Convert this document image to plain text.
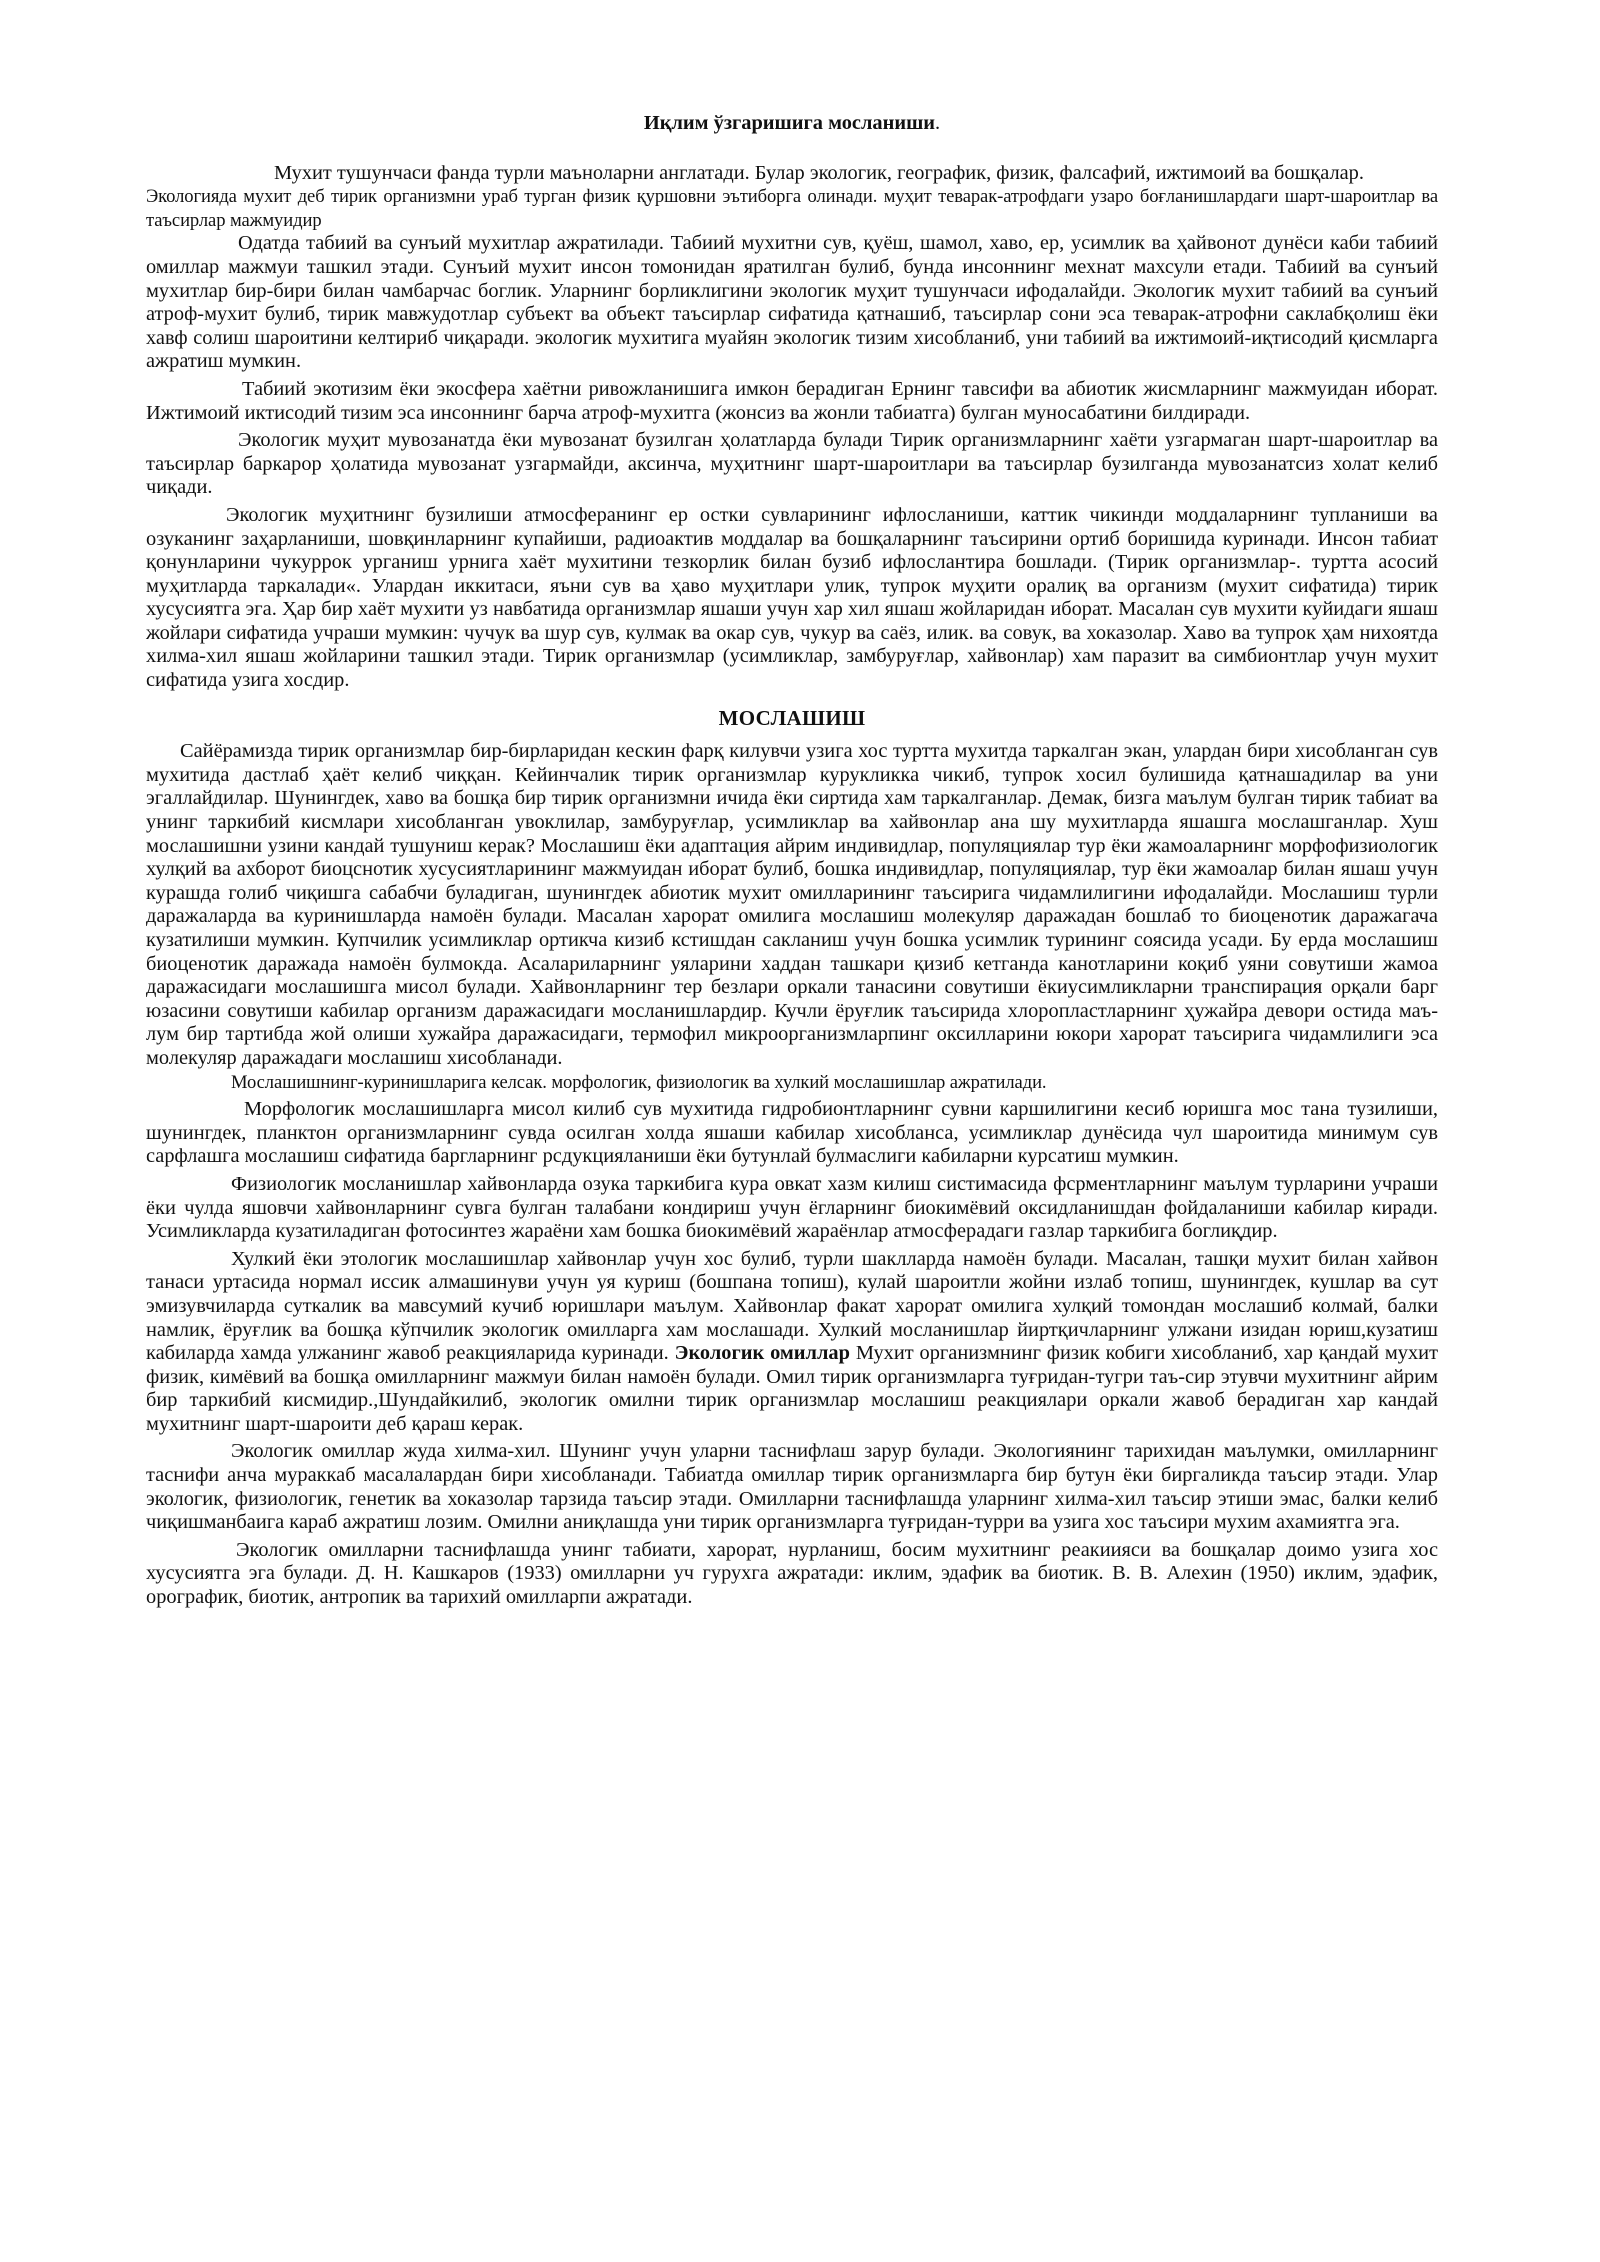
Иқлим ўзгаришига мосланиши.

Мухит тушунчаси фанда турли маъноларни англатади. Булар экологик, географик, физик, фалсафий, ижтимоий ва бошқалар.

Экологияда мухит деб тирик организмни ураб турган физик қуршовни эътиборга олинади. муҳит теварак-атрофдаги узаро боғланишлардаги шарт-шароитлар ва таъсирлар мажмуидир

Одатда табиий ва сунъий мухитлар ажратилади. Табиий мухитни сув, қуёш, шамол, хаво, ер, усимлик ва ҳайвонот дунёси каби табиий омиллар мажмуи ташкил этади. Сунъий мухит инсон томонидан яратилган булиб, бунда инсоннинг мехнат махсули етади. Табиий ва сунъий мухитлар бир-бири билан чамбарчас боглик. Уларнинг борликлигини экологик муҳит тушунчаси ифодалайди. Экологик мухит табиий ва сунъий атроф-мухит булиб, тирик мавжудотлар субъект ва объект таъсирлар сифатида қатнашиб, таъсирлар сони эса теварак-атрофни саклабқолиш ёки хавф солиш шароитини келтириб чиқаради. экологик мухитига муайян экологик тизим хисобланиб, уни табиий ва ижтимоий-иқтисодий қисмларга ажратиш мумкин.

Табиий экотизим ёки экосфера хаётни ривожланишига имкон берадиган Ернинг тавсифи ва абиотик жисмларнинг мажмуидан иборат. Ижтимоий иктисодий тизим эса инсоннинг барча атроф-мухитга (жонсиз ва жонли табиатга) булган муносабатини билдиради.

Экологик муҳит мувозанатда ёки мувозанат бузилган ҳолатларда булади Тирик организмларнинг хаёти узгармаган шарт-шароитлар ва таъсирлар баркарор ҳолатида мувозанат узгармайди, аксинча, муҳитнинг шарт-шароитлари ва таъсирлар бузилганда мувозанатсиз холат келиб чиқади.

Экологик муҳитнинг бузилиши атмосферанинг ер остки сувларининг ифлосланиши, каттик чикинди моддаларнинг тупланиши ва озуканинг заҳарланиши, шовқинларнинг купайиши, радиоактив моддалар ва бошқаларнинг таъсирини ортиб боришида куринади. Инсон табиат қонунларини чукуррок урганиш урнига хаёт мухитини тезкорлик билан бузиб ифлослантира бошлади. (Тирик организмлар-. туртта асосий муҳитларда таркалади«. Улардан иккитаси, яъни сув ва ҳаво муҳитлари улик, тупрок муҳити оралиқ ва организм (мухит сифатида) тирик хусусиятга эга. Ҳар бир хаёт мухити уз навбатида организмлар яшаши учун хар хил яшаш жойларидан иборат. Масалан сув мухити куйидаги яшаш жойлари сифатида учраши мумкин: чучук ва шур сув, кулмак ва окар сув, чукур ва саёз, илик. ва совук, ва хоказолар. Хаво ва тупрок ҳам нихоятда хилма-хил яшаш жойларини ташкил этади. Тирик организмлар (усимликлар, замбуруғлар, хайвонлар) хам паразит ва симбионтлар учун мухит сифатида узига хосдир.

МОСЛАШИШ

Сайёрамизда тирик организмлар бир-бирларидан кескин фарқ килувчи узига хос туртта мухитда таркалган экан, улардан бири хисобланган сув мухитида дастлаб ҳаёт келиб чиққан. Кейинчалик тирик организмлар курукликка чикиб, тупрок хосил булишида қатнашадилар ва уни эгаллайдилар. Шунингдек, хаво ва бошқа бир тирик организмни ичида ёки сиртида хам таркалганлар. Демак, бизга маълум булган тирик табиат ва унинг таркибий кисмлари хисобланган увоклилар, замбуруғлар, усимликлар ва хайвонлар ана шу мухитларда яшашга мослашганлар. Хуш мослашишни узини кандай тушуниш керак? Мослашиш ёки адаптация айрим индивидлар, популяциялар тур ёки жамоаларнинг морфофизиологик хулқий ва ахборот биоцснотик хусусиятларининг мажмуидан иборат булиб, бошка индивидлар, популяциялар, тур ёки жамоалар билан яшаш учун курашда голиб чиқишга сабабчи буладиган, шунингдек абиотик мухит омилларининг таъсирига чидамлилигини ифодалайди. Мослашиш турли даражаларда ва куринишларда намоён булади. Масалан харорат омилига мослашиш молекуляр даражадан бошлаб то биоценотик даражагача кузатилиши мумкин. Купчилик усимликлар ортикча кизиб кстишдан сакланиш учун бошка усимлик турининг соясида усади. Бу ерда мослашиш биоценотик даражада намоён булмокда. Асалариларнинг уяларини хаддан ташкари қизиб кетганда канотларини коқиб уяни совутиши жамоа даражасидаги мослашишга мисол булади. Хайвонларнинг тер безлари оркали танасини совутиши ёкиусимликларни транспирация орқали барг юзасини совутиши кабилар организм даражасидаги мосланишлардир. Кучли ёруғлик таъсирида хлоропластларнинг ҳужайра девори остида маъ-лум бир тартибда жой олиши хужайра даражасидаги, термофил микроорганизмларпинг оксилларини юкори харорат таъсирига чидамлилиги эса молекуляр даражадаги мослашиш хисобланади.

Мослашишнинг-куринишларига келсак. морфологик, физиологик ва хулкий мослашишлар ажратилади.

Морфологик мослашишларга мисол килиб сув мухитида гидробионтларнинг сувни каршилигини кесиб юришга мос тана тузилиши, шунингдек, планктон организмларнинг сувда осилган холда яшаши кабилар хисобланса, усимликлар дунёсида чул шароитида минимум сув сарфлашга мослашиш сифатида баргларнинг рсдукцияланиши ёки бутунлай булмаслиги кабиларни курсатиш мумкин.

Физиологик мосланишлар хайвонларда озука таркибига кура овкат хазм килиш систимасида фсрментларнинг маълум турларини учраши ёки чулда яшовчи хайвонларнинг сувга булган талабани кондириш учун ёгларнинг биокимёвий оксидланишдан фойдаланиши кабилар киради. Усимликларда кузатиладиган фотосинтез жараёни хам бошка биокимёвий жараёнлар атмосферадаги газлар таркибига боглиқдир.

Хулкий ёки этологик мослашишлар хайвонлар учун хос булиб, турли шаклларда намоён булади. Масалан, ташқи мухит билан хайвон танаси уртасида нормал иссик алмашинуви учун уя куриш (бошпана топиш), кулай шароитли жойни излаб топиш, шунингдек, кушлар ва сут эмизувчиларда суткалик ва мавсумий кучиб юришлари маълум. Хайвонлар факат харорат омилига хулқий томондан мослашиб колмай, балки намлик, ёруғлик ва бошқа кўпчилик экологик омилларга хам мослашади. Хулкий мосланишлар йиртқичларнинг улжани изидан юриш,кузатиш кабиларда хамда улжанинг жавоб реакцияларида куринади. Экологик омиллар Мухит организмнинг физик кобиги хисобланиб, хар қандай мухит физик, кимёвий ва бошқа омилларнинг мажмуи билан намоён булади. Омил тирик организмларга туғридан-тугри таъ-сир этувчи мухитнинг айрим бир таркибий кисмидир.,Шундайкилиб, экологик омилни тирик организмлар мослашиш реакциялари оркали жавоб берадиган хар кандай мухитнинг шарт-шароити деб қараш керак.

Экологик омиллар жуда хилма-хил. Шунинг учун уларни таснифлаш зарур булади. Экологиянинг тарихидан маълумки, омилларнинг таснифи анча мураккаб масалалардан бири хисобланади. Табиатда омиллар тирик организмларга бир бутун ёки биргаликда таъсир этади. Улар экологик, физиологик, генетик ва хоказолар тарзида таъсир этади. Омилларни таснифлашда уларнинг хилма-хил таъсир этиши эмас, балки келиб чиқишманбаига караб ажратиш лозим. Омилни аниқлашда уни тирик организмларга туғридан-турри ва узига хос таъсири мухим ахамиятга эга.

Экологик омилларни таснифлашда унинг табиати, харорат, нурланиш, босим мухитнинг реакиияси ва бошқалар доимо узига хос хусусиятга эга булади. Д. Н. Кашкаров (1933) омилларни уч гурухга ажратади: иклим, эдафик ва биотик. В. В. Алехин (1950) иклим, эдафик, орографик, биотик, антропик ва тарихий омилларпи ажратади.
